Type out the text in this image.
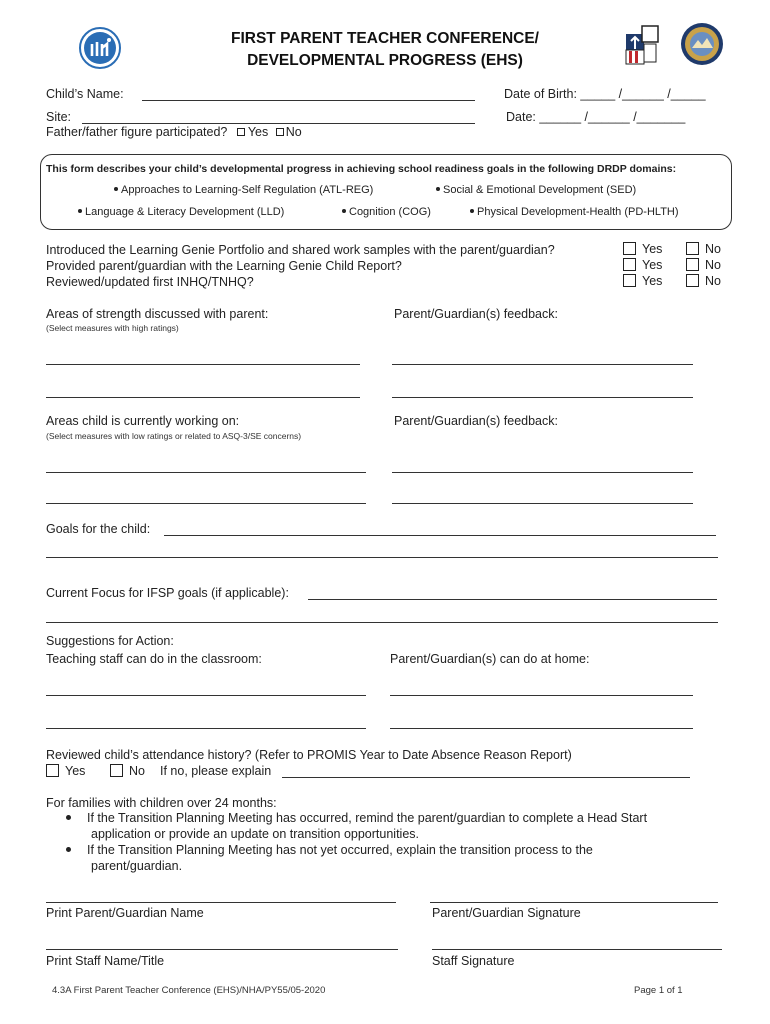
FIRST PARENT TEACHER CONFERENCE/
DEVELOPMENTAL PROGRESS (EHS)
Child’s Name:	Date of Birth: _____ /______ /_____
Site:	Date: ______ /______ /_______
Father/father figure participated? Yes No
This form describes your child’s developmental progress in achieving school readiness goals in the following DRDP domains:
Approaches to Learning-Self Regulation (ATL-REG)	Social & Emotional Development (SED)
Language & Literacy Development (LLD)	Cognition (COG)	Physical Development-Health (PD-HLTH)
Introduced the Learning Genie Portfolio and shared work samples with the parent/guardian?	Yes	No
Provided parent/guardian with the Learning Genie Child Report?	Yes	No
Reviewed/updated first INHQ/TNHQ?	Yes	No
Areas of strength discussed with parent:
(Select measures with high ratings)
Parent/Guardian(s) feedback:
Areas child is currently working on:
(Select measures with low ratings or related to ASQ-3/SE concerns)
Parent/Guardian(s) feedback:
Goals for the child:
Current Focus for IFSP goals (if applicable):
Suggestions for Action:
Teaching staff can do in the classroom:	Parent/Guardian(s) can do at home:
Reviewed child’s attendance history? (Refer to PROMIS Year to Date Absence Reason Report)
Yes	No If no, please explain
For families with children over 24 months:
If the Transition Planning Meeting has occurred, remind the parent/guardian to complete a Head Start
application or provide an update on transition opportunities.
If the Transition Planning Meeting has not yet occurred, explain the transition process to the
parent/guardian.
Print Parent/Guardian Name	Parent/Guardian Signature
Print Staff Name/Title	Staff Signature
4.3A First Parent Teacher Conference (EHS)/NHA/PY55/05-2020	Page 1 of 1
